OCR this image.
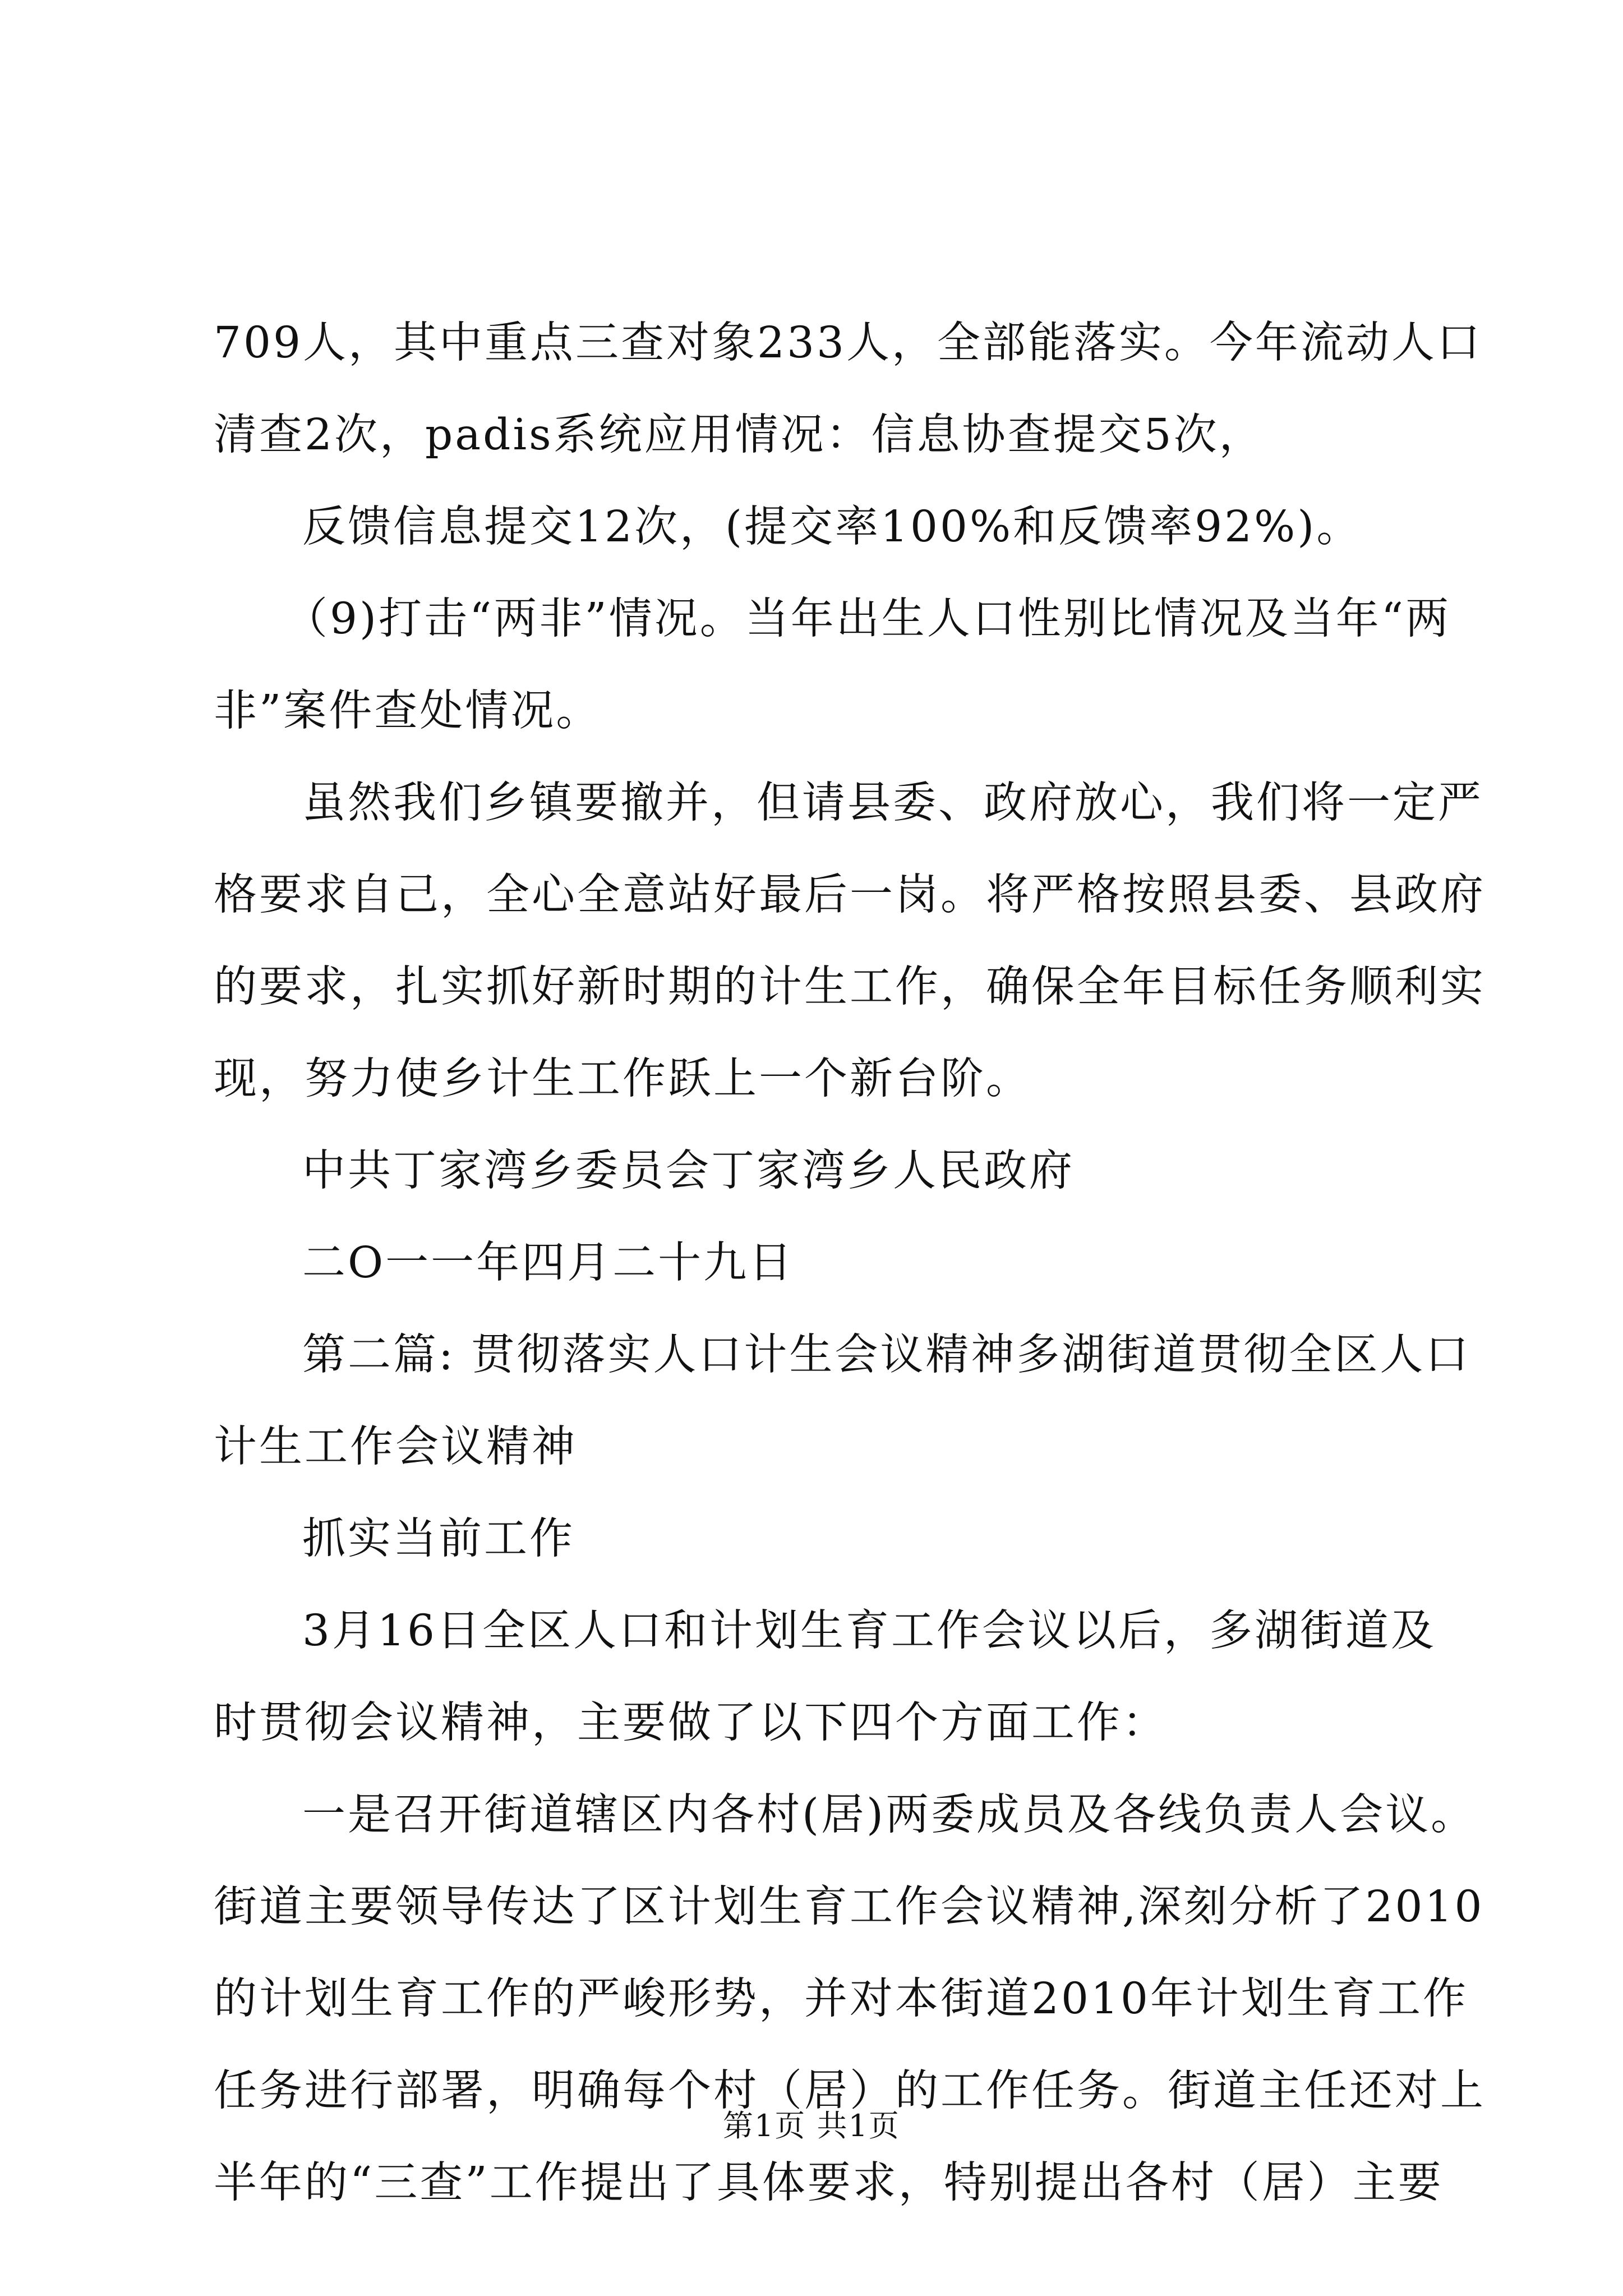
709人，其中重点三查对象233人，全部能落实。今年流动人口
清查2次，padis系统应用情况：信息协查提交5次，
反馈信息提交12次，(提交率100%和反馈率92%)。
（9)打击“两非”情况。当年出生人口性别比情况及当年“两
非”案件查处情况。
虽然我们乡镇要撤并，但请县委、政府放心，我们将一定严
格要求自己，全心全意站好最后一岗。将严格按照县委、县政府
的要求，扎实抓好新时期的计生工作，确保全年目标任务顺利实
现，努力使乡计生工作跃上一个新台阶。
中共丁家湾乡委员会丁家湾乡人民政府
二O一一年四月二十九日
第二篇: 贯彻落实人口计生会议精神多湖街道贯彻全区人口
计生工作会议精神
抓实当前工作
3月16日全区人口和计划生育工作会议以后，多湖街道及
时贯彻会议精神，主要做了以下四个方面工作：
一是召开街道辖区内各村(居)两委成员及各线负责人会议。
街道主要领导传达了区计划生育工作会议精神,深刻分析了2010
的计划生育工作的严峻形势，并对本街道2010年计划生育工作
任务进行部署，明确每个村（居）的工作任务。街道主任还对上
半年的“三查”工作提出了具体要求，特别提出各村（居）主要
第1页 共1页
